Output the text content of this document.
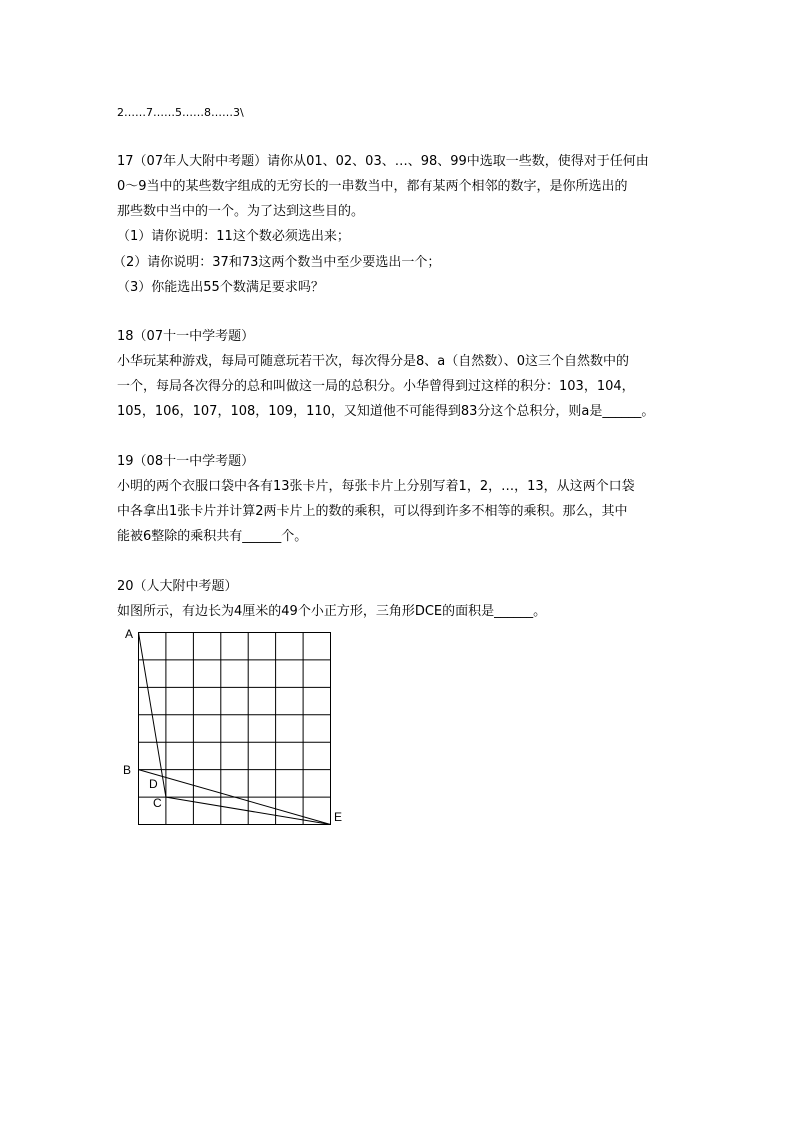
2……7……5……8……3\
17（07年人大附中考题）请你从01、02、03、…、98、99中选取一些数，使得对于任何由
0～9当中的某些数字组成的无穷长的一串数当中，都有某两个相邻的数字，是你所选出的
那些数中当中的一个。为了达到这些目的。
（1）请你说明：11这个数必须选出来；
（2）请你说明：37和73这两个数当中至少要选出一个；
（3）你能选出55个数满足要求吗？
18（07十一中学考题）
小华玩某种游戏，每局可随意玩若干次，每次得分是8、a（自然数）、0这三个自然数中的
一个，每局各次得分的总和叫做这一局的总积分。小华曾得到过这样的积分：103，104，
105，106，107，108，109，110，又知道他不可能得到83分这个总积分，则a是______。
19（08十一中学考题）
小明的两个衣服口袋中各有13张卡片，每张卡片上分别写着1，2，…，13，从这两个口袋
中各拿出1张卡片并计算2两卡片上的数的乘积，可以得到许多不相等的乘积。那么，其中
能被6整除的乘积共有______个。
20（人大附中考题）
如图所示，有边长为4厘米的49个小正方形，三角形DCE的面积是______。
A
B
D
C
E
